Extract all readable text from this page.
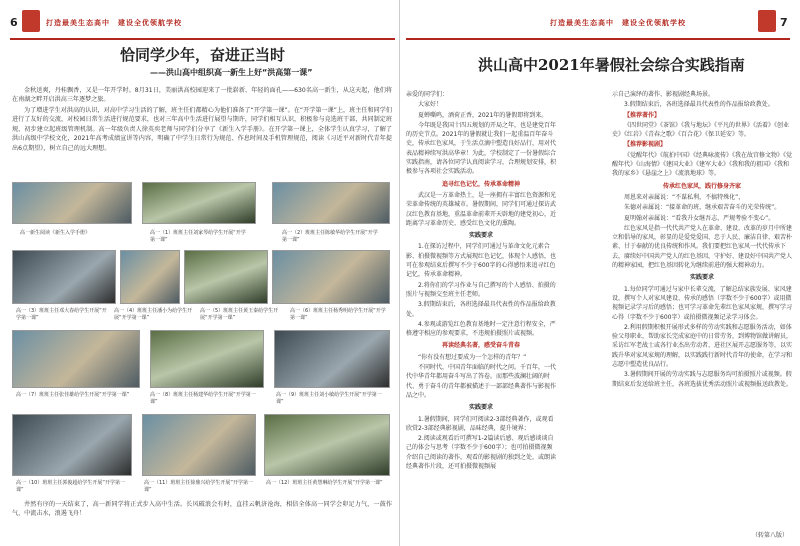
6	打造最美生态高中　建设全优领航学校
恰同学少年，奋进正当时
——洪山高中组织高一新生上好“洪高第一课”
金秋送爽，丹桂飘香，又是一年开学时。8月31日，美丽洪高校园迎来了一批崭新、年轻的面孔——630名高一新生，从这天起，他们将在南湖之畔开启洪高三年逐梦之旅。
为了增进学生对洪高的认识，对高中学习生活的了解，班主任们都精心为他们准备了“开学第一课”。在“开学第一课”上，班主任和同学们进行了友好的交流，对校园日常生活进行规范要求，也对三年高中生活进行展望与期许，同学们相互认识，积极参与竞选班干部，共同制定班规，初步建立起班级管理机制。高一年级负责人徐英奕老师与同学们分享了《新生入学手册》。在开学第一课上，全体学生认真学习，了解了洪山高级中学校文化，2021年高考成绩宣讲等内容，明确了中学生日常行为规范、作息时间及手机管理规范，阅读《习近平对新时代青年提出6点期望》，树立自己的远大理想。
高一新生阅读《新生入学手册》	高一（1）班班主任刘家琴给学生开展“开学第一课”
高一（2）班班主任陈敏华给学生开展“开学第一课”
高一（3）班班主任邓大春给学生开展“开学第一课”
高一（4）班班主任潘小为给学生开展“开学第一课”
高一（5）班班主任黄玉秦给学生开展“开学第一课”
高一（6）班班主任杨秀明给学生开展“开学第一课”
高一（7）班班主任张佳雄给学生开展“开学第一课”	高一（8）班班主任杨建华给学生开展“开学第一课”
高一（9）班班主任刘小敏给学生开展“开学第一课”
高一（10）班班主任郭俊超给学生开展“开学第一课”
高一（11）班班主任徐鼎兴给学生开展“开学第一课”
高一（12）班班主任黄慧琳给学生开展“开学第一课”
井然有序的一天结束了，高一新同学将正式步入高中生活。长风破浪会有时，直挂云帆济沧海，相信全体高一同学会卯足力气，一鼓作气，中流击水，浪遏飞舟！
打造最美生态高中　建设全优领航学校	7
洪山高中2021年暑假社会综合实践指南

亲爱的同学们：

大家好！

夏蝉嘶鸣，酒荷正香，2021年的暑假即将到来。

今年既是我国十四五规划的开局之年，也是建党百年的历史节点。2021年的暑假就让我们一起重温百年奋斗史，传承红色家风，于生活点滴中塑造良好品行，用对代表品精神续写洪高华章！为此，学校制定了一份暑假综合实践指南，请各位同学认真阅读学习，合理规划安排，积极参与各项社会实践活动。

追寻红色记忆，传承革命精神

武汉是一方革命热土，是一座拥有丰富红色资源和光荣革命传统的英雄城市。暑假期间，同学们可通过探访武汉红色教育基地，重温革命前辈开天辟地的建党初心，近距离学习革命历史、感受红色文化的熏陶。

实践要求

1.在探访过程中，同学们可通过与革命文化元素合影、拍摄微视频等方式展现红色记忆，体现个人感悟，也可在参观结束后撰写不少于600字的心得感悟来追寻红色记忆，传承革命精神。

2.将你们的学习作业与自己撰写的个人感悟、拍摄的照片与视频交至班主任老师。

3.假期结束后，各班选择最具代表性的作品报给政教处。

4.参观或游览红色教育基地时一定注意行程安全，严格遵守相应的参观要求，不违规拍摄照片或视频。

再读经典名著，感受奋斗青春

“你有没有想过要成为一个怎样的青年？”

不同时代，中国青年面临的时代之问。千百年，一代代中华青年都用奋斗写出了答卷。而那些波澜壮阔的时代、勇于奋斗的青年都被描述于一部部经典著作与影视作品之中。

实践要求

1.暑假期间，同学们可阅读2-3部经典著作，或观看欣赏2-3部经典影视剧，品味经典，提升境界；

2.阅读或观看后可撰写1-2篇读后感、观后感谈谈自己的体会与思考（字数不少于600字）；也可拍摄微视频介绍自己阅读的著作，观看的影视剧的独到之处，或朗读经典著作片段，还可拍摄微视频展

示自己演绎的著作、影视剧经典场景。

3.假期结束后，各班选择最具代表性的作品报给政教处。

【推荐著作】

《四世同堂》《茶馆》《我与地坛》《平凡的世界》《活着》《创业史》《红岩》《青春之歌》《百合花》《保卫延安》等。

【推荐影视剧】

《觉醒年代》《航拍中国》《经典咏流传》《我在故宫修文物》《觉醒年代》《山海情》《建国大业》《建军大业》《我和我的祖国》《我和我的家乡》《悬崖之上》《流浪地球》等。

传承红色家风，践行修身齐家

周恩来对亲属说：“不谋私利，不搞特殊化”，

朱德对亲属说：“接革命的班，继承艰苦奋斗的光荣传统”。

夏明翰对亲属说：“看我升女继吾志，严规考验不变心”。

红色家风是指一代代共产党人在革命、建设、改革的岁月中所建立和倡导的家风，彰显的是爱党爱国、忠于人民、廉洁自律、艰苦朴素、甘于奉献的优良传统和作风。我们要把红色家风一代代传承下去，赓续好中国共产党人的红色基因，守护好、建设好中国共产党人的精神家园，把红色基因转化为继续前进的强大精神动力。

实践要求

1.每位同学可通过与家中长辈交流，了解总结家族发展、家风建设，撰写个人对家风建设、传承的感悟（字数不少于600字）或用微视频记录学习后的感悟；也可学习革命先辈红色家风家规，撰写学习心得（字数不少于600字）或拍摄微视频记录学习体会。

2.利用假期积极开展形式多样的劳动实践和志愿服务活动，如体验父母职业，帮助家长完成家庭中的日常劳务，到博物馆做讲解员，采访红军老战士或各行业杰出劳动者、进社区展开志愿服务等，以实践升华对家风家规的理解，以实践践行新时代青年的使命，在学习和志愿中塑造优良品行。

3.暑假期间开展的劳动实践与志愿服务均可拍摄照片或视频。假期结束后发送给班主任，各班选拔优秀活动照片或视频报送政教处。

（转第八版）
